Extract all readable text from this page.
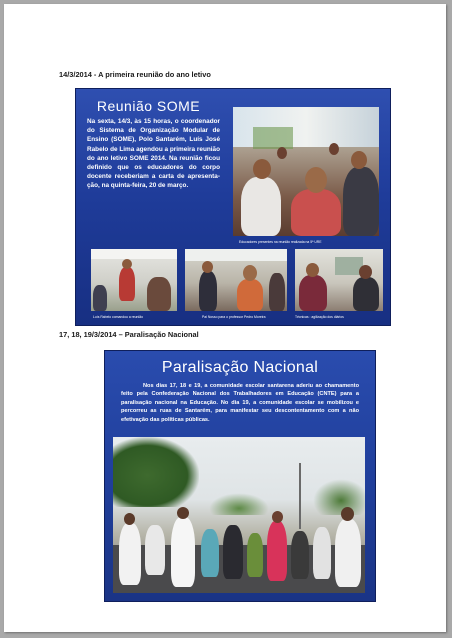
14/3/2014 - A primeira reunião do ano letivo
Reunião SOME
Na sexta, 14/3, às 15 horas, o coordenador do Sistema de Organização Modular de Ensino (SOME), Polo Santarém, Luís José Rabelo de Lima agendou a primeira reunião do ano letivo SOME 2014. Na reunião ficou definido que os educadores do corpo docente receberiam a carta de apresenta-ção, na quinta-feira, 20 de março.
Educadores presentes na reunião realizada na 5ª URE
Luís Rabelo comandou a reunião	Pai Nosso para o professor Pedro Moreira	Técnicas : agilização dos diários
17, 18, 19/3/2014 – Paralisação Nacional
Paralisação Nacional
Nos dias 17, 18 e 19, a comunidade escolar santarena aderiu ao chamamento feito pela Confederação Nacional dos Trabalhadores em Educação (CNTE) para a paralisação nacional na Educação. No dia 19, a comunidade escolar se mobilizou e percorreu as ruas de Santarém, para manifestar seu descontentamento com a não efetivação das políticas públicas.
